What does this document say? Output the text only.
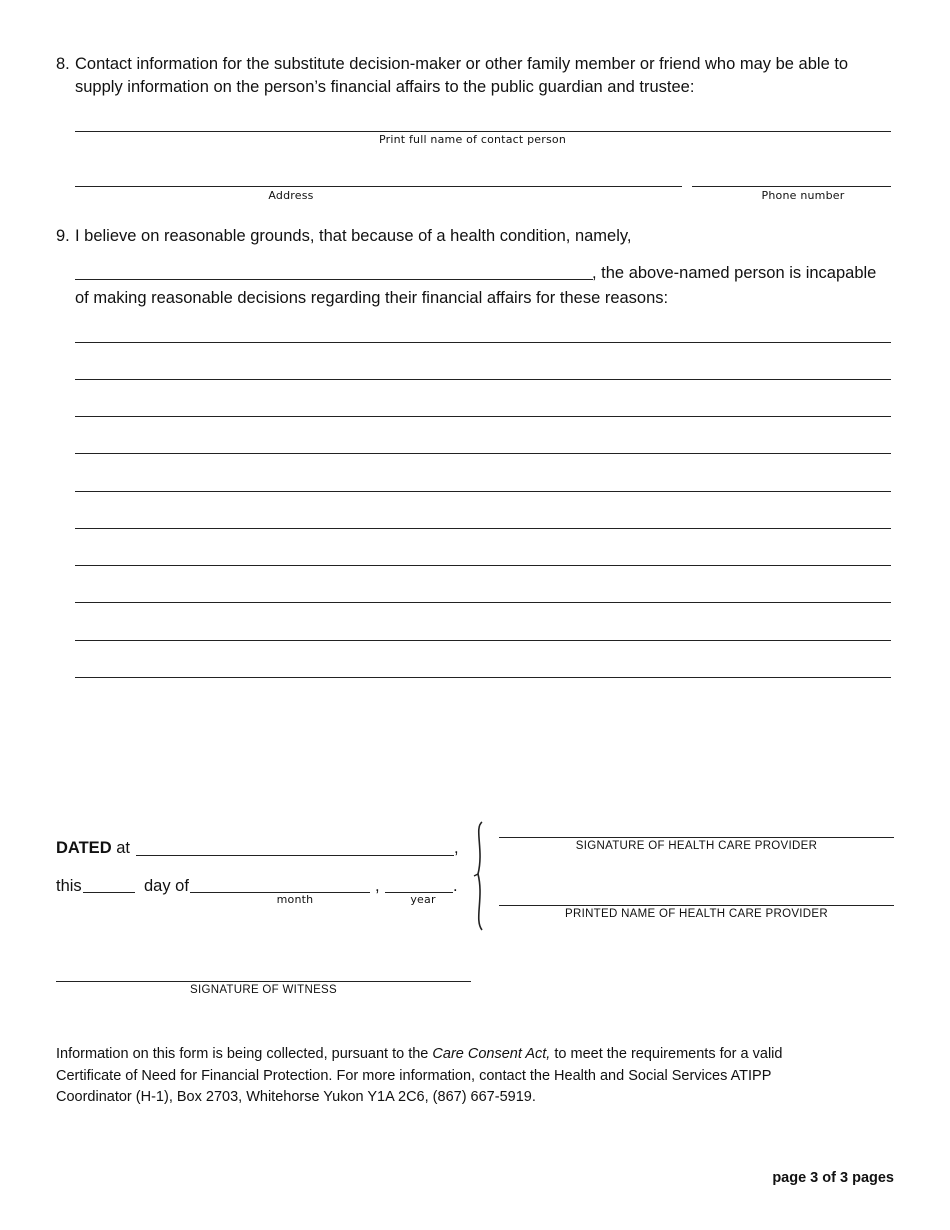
8. Contact information for the substitute decision-maker or other family member or friend who may be able to
supply information on the person’s financial affairs to the public guardian and trustee:
Print full name of contact person
Address	Phone number
9. I believe on reasonable grounds, that because of a health condition, namely,
, the above-named person is incapable
of making reasonable decisions regarding their financial affairs for these reasons:
DATED at	,
this	day of
month
,
year
.
SIGNATURE OF HEALTH CARE PROVIDER
PRINTED NAME OF HEALTH CARE PROVIDER
SIGNATURE OF WITNESS
Information on this form is being collected, pursuant to the Care Consent Act, to meet the requirements for a valid
Certificate of Need for Financial Protection. For more information, contact the Health and Social Services ATIPP
Coordinator (H-1), Box 2703, Whitehorse Yukon Y1A 2C6, (867) 667-5919.
page 3 of 3 pages
